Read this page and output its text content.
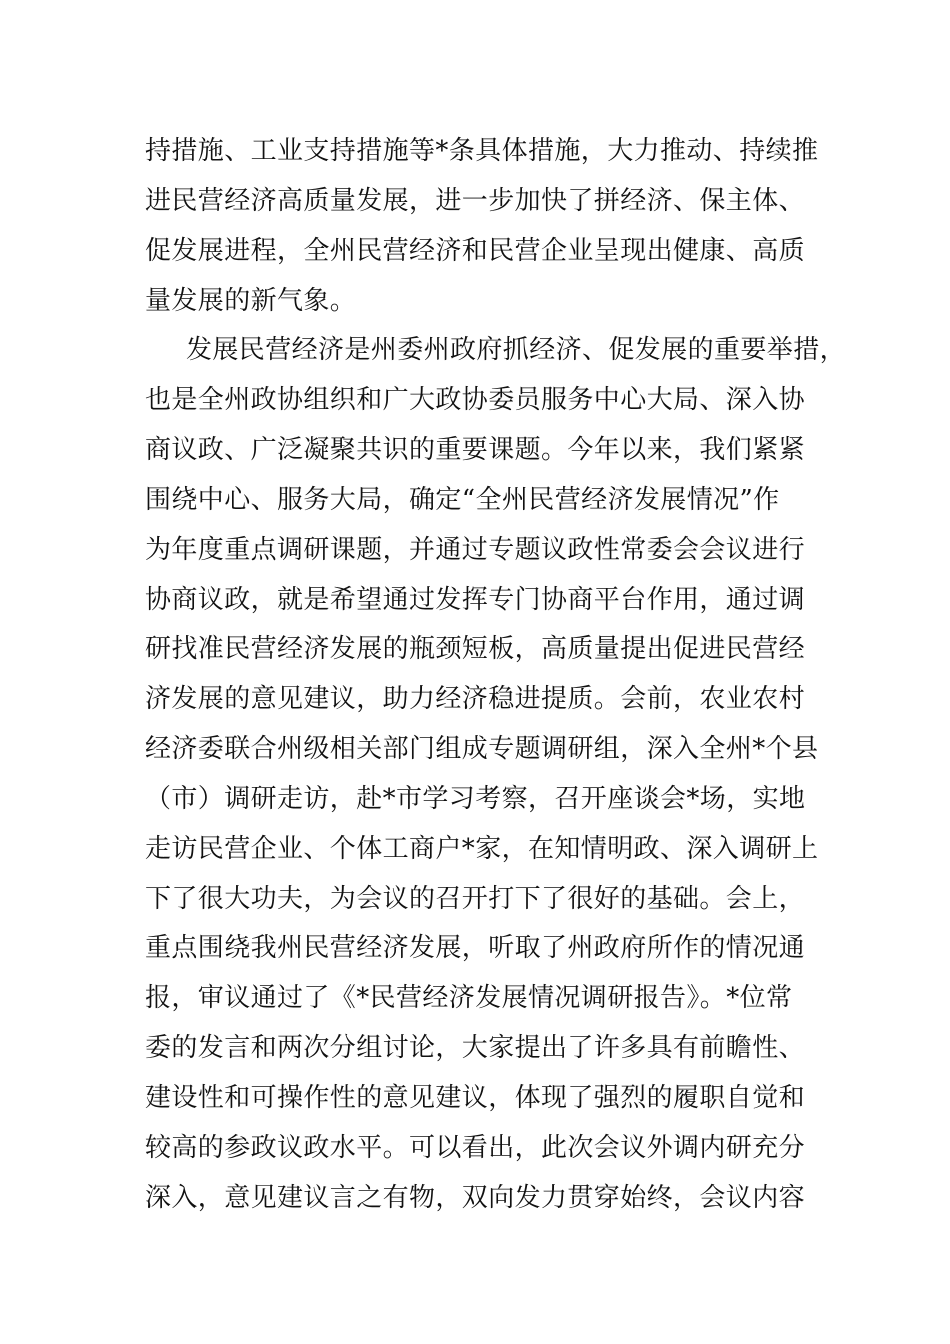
持措施、工业支持措施等*条具体措施，大力推动、持续推
进民营经济高质量发展，进一步加快了拼经济、保主体、
促发展进程，全州民营经济和民营企业呈现出健康、高质
量发展的新气象。
发展民营经济是州委州政府抓经济、促发展的重要举措，
也是全州政协组织和广大政协委员服务中心大局、深入协
商议政、广泛凝聚共识的重要课题。今年以来，我们紧紧
围绕中心、服务大局，确定“全州民营经济发展情况”作
为年度重点调研课题，并通过专题议政性常委会会议进行
协商议政，就是希望通过发挥专门协商平台作用，通过调
研找准民营经济发展的瓶颈短板，高质量提出促进民营经
济发展的意见建议，助力经济稳进提质。会前，农业农村
经济委联合州级相关部门组成专题调研组，深入全州*个县
（市）调研走访，赴*市学习考察，召开座谈会*场，实地
走访民营企业、个体工商户*家，在知情明政、深入调研上
下了很大功夫，为会议的召开打下了很好的基础。会上，
重点围绕我州民营经济发展，听取了州政府所作的情况通
报，审议通过了《*民营经济发展情况调研报告》。*位常
委的发言和两次分组讨论，大家提出了许多具有前瞻性、
建设性和可操作性的意见建议，体现了强烈的履职自觉和
较高的参政议政水平。可以看出，此次会议外调内研充分
深入，意见建议言之有物，双向发力贯穿始终，会议内容
